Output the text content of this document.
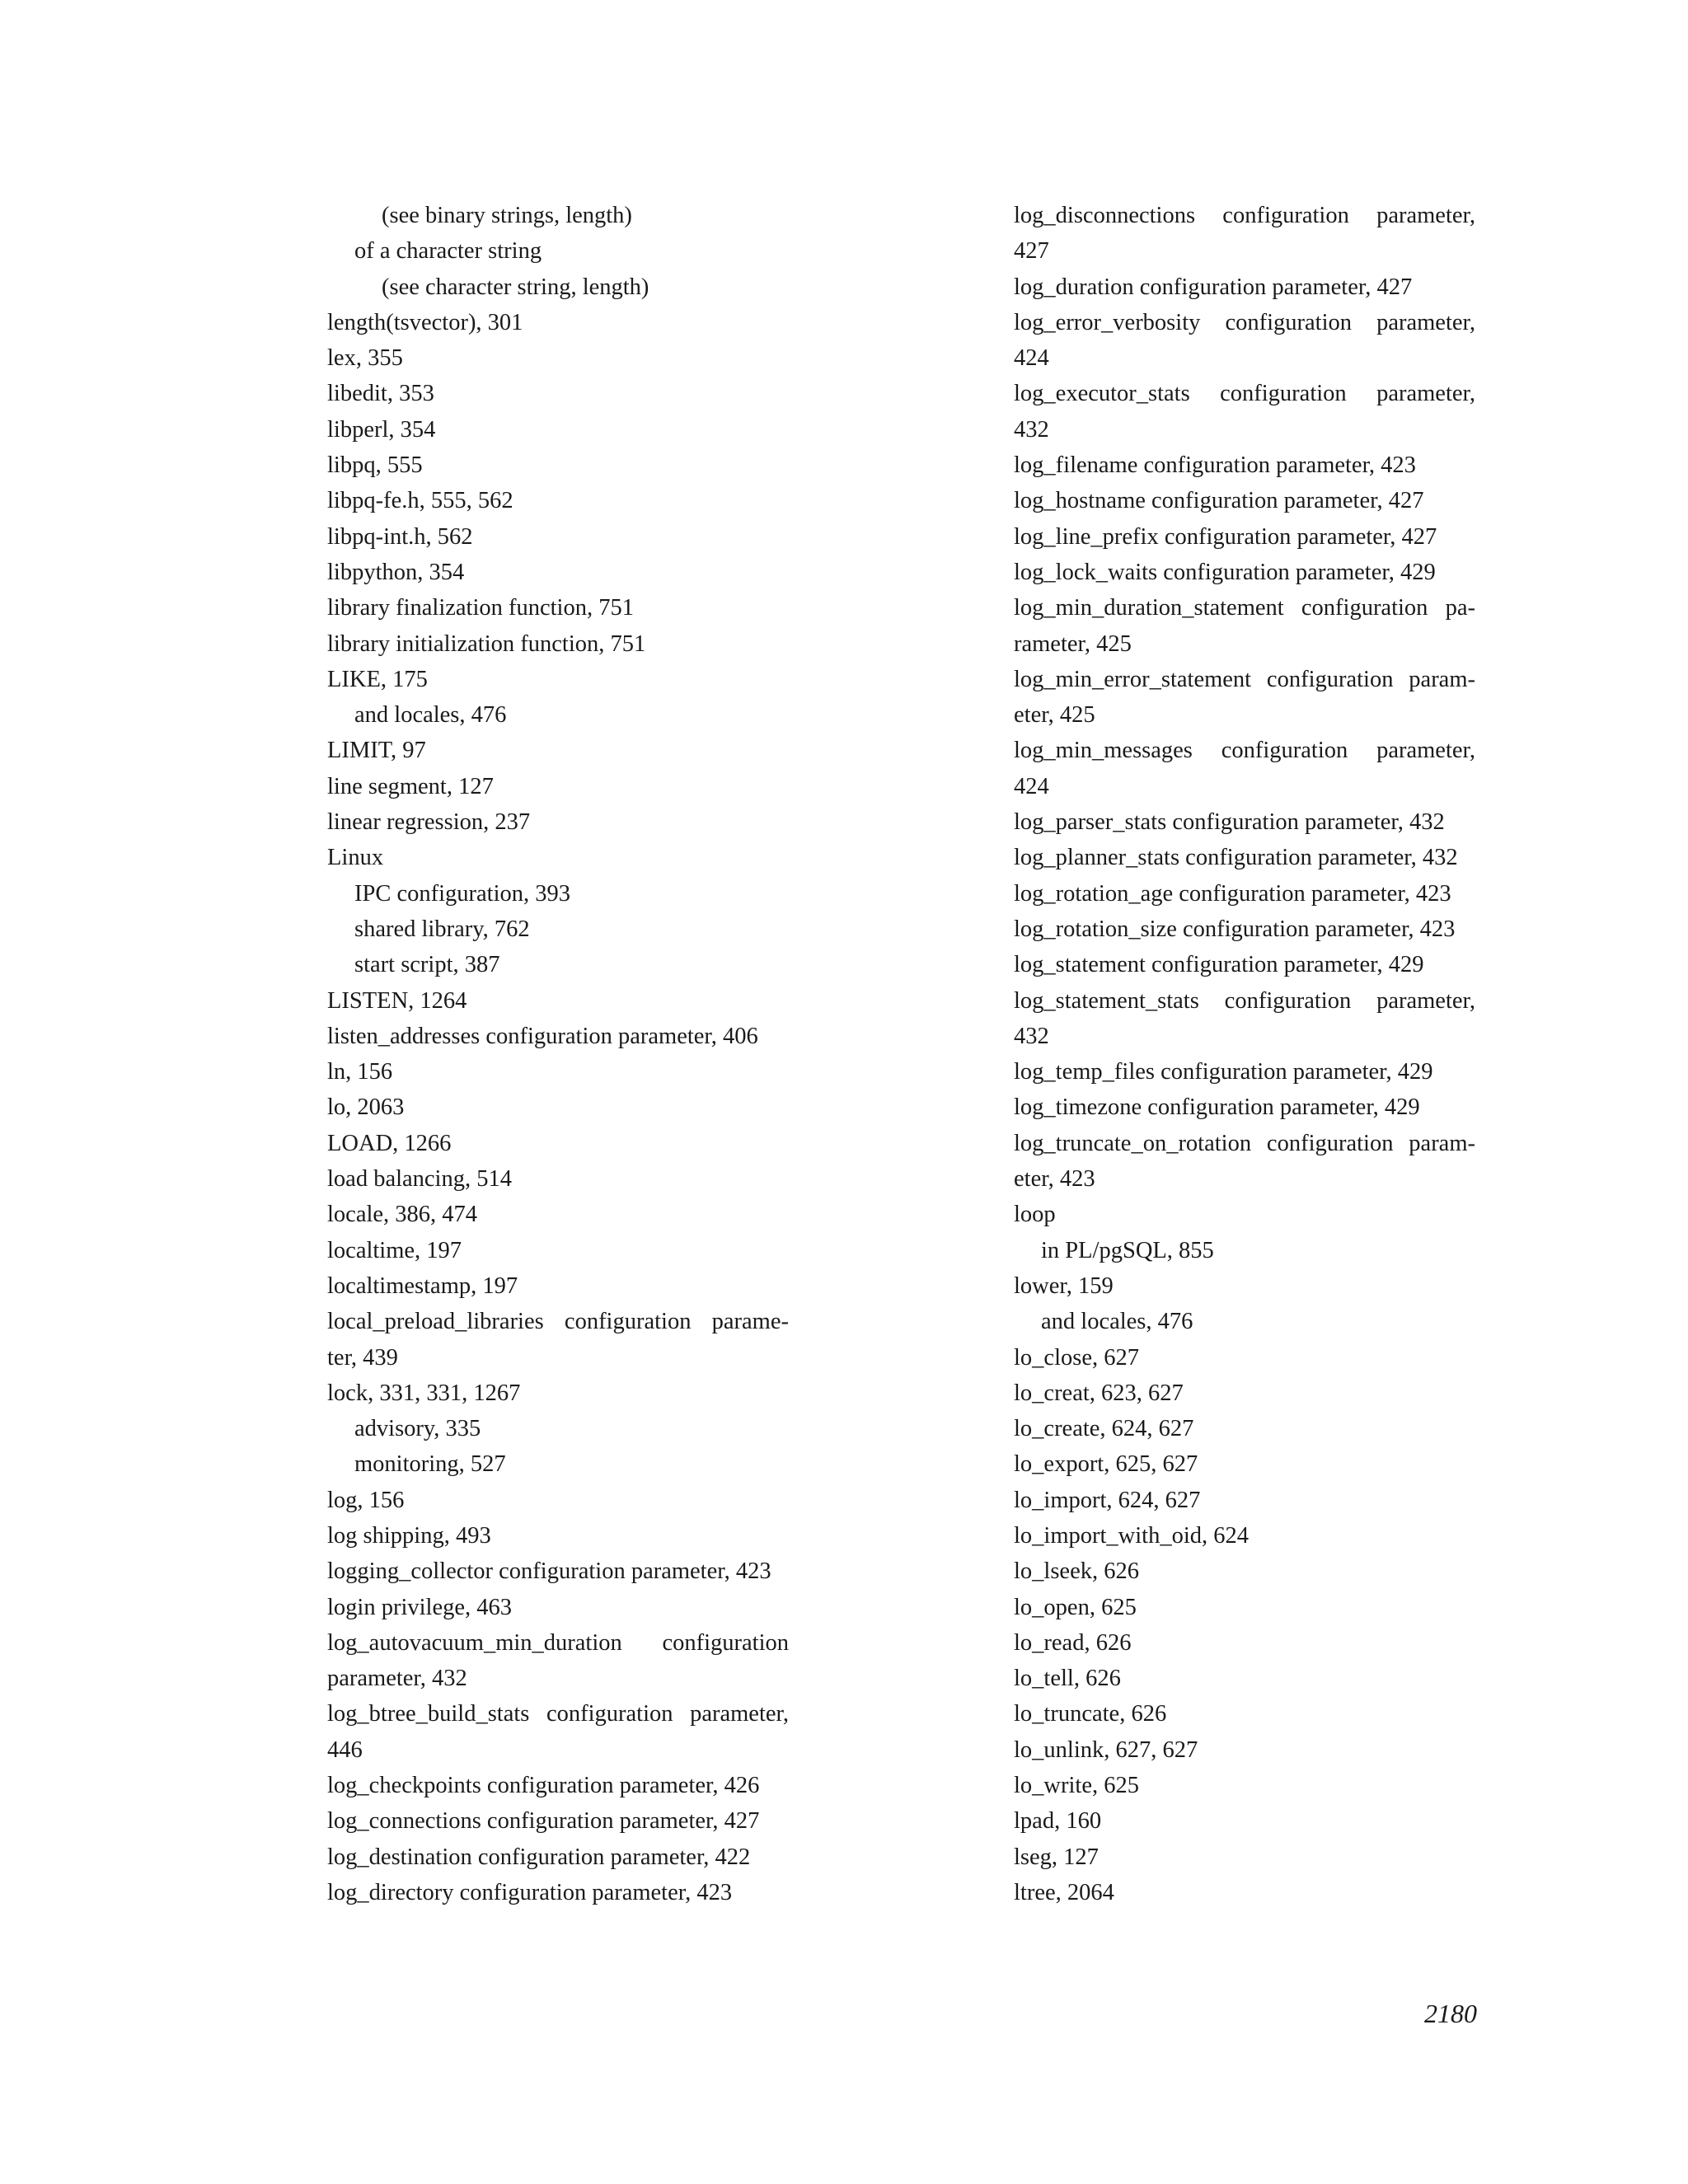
(see binary strings, length)
of a character string
(see character string, length)
length(tsvector), 301
lex, 355
libedit, 353
libperl, 354
libpq, 555
libpq-fe.h, 555, 562
libpq-int.h, 562
libpython, 354
library finalization function, 751
library initialization function, 751
LIKE, 175
and locales, 476
LIMIT, 97
line segment, 127
linear regression, 237
Linux
IPC configuration, 393
shared library, 762
start script, 387
LISTEN, 1264
listen_addresses configuration parameter, 406
ln, 156
lo, 2063
LOAD, 1266
load balancing, 514
locale, 386, 474
localtime, 197
localtimestamp, 197
local_preload_libraries configuration parame-
ter, 439
lock, 331, 331, 1267
advisory, 335
monitoring, 527
log, 156
log shipping, 493
logging_collector configuration parameter, 423
login privilege, 463
log_autovacuum_min_duration configuration
parameter, 432
log_btree_build_stats configuration parameter,
446
log_checkpoints configuration parameter, 426
log_connections configuration parameter, 427
log_destination configuration parameter, 422
log_directory configuration parameter, 423
log_disconnections configuration parameter,
427
log_duration configuration parameter, 427
log_error_verbosity configuration parameter,
424
log_executor_stats configuration parameter,
432
log_filename configuration parameter, 423
log_hostname configuration parameter, 427
log_line_prefix configuration parameter, 427
log_lock_waits configuration parameter, 429
log_min_duration_statement configuration pa-
rameter, 425
log_min_error_statement configuration param-
eter, 425
log_min_messages configuration parameter,
424
log_parser_stats configuration parameter, 432
log_planner_stats configuration parameter, 432
log_rotation_age configuration parameter, 423
log_rotation_size configuration parameter, 423
log_statement configuration parameter, 429
log_statement_stats configuration parameter,
432
log_temp_files configuration parameter, 429
log_timezone configuration parameter, 429
log_truncate_on_rotation configuration param-
eter, 423
loop
in PL/pgSQL, 855
lower, 159
and locales, 476
lo_close, 627
lo_creat, 623, 627
lo_create, 624, 627
lo_export, 625, 627
lo_import, 624, 627
lo_import_with_oid, 624
lo_lseek, 626
lo_open, 625
lo_read, 626
lo_tell, 626
lo_truncate, 626
lo_unlink, 627, 627
lo_write, 625
lpad, 160
lseg, 127
ltree, 2064
2180
